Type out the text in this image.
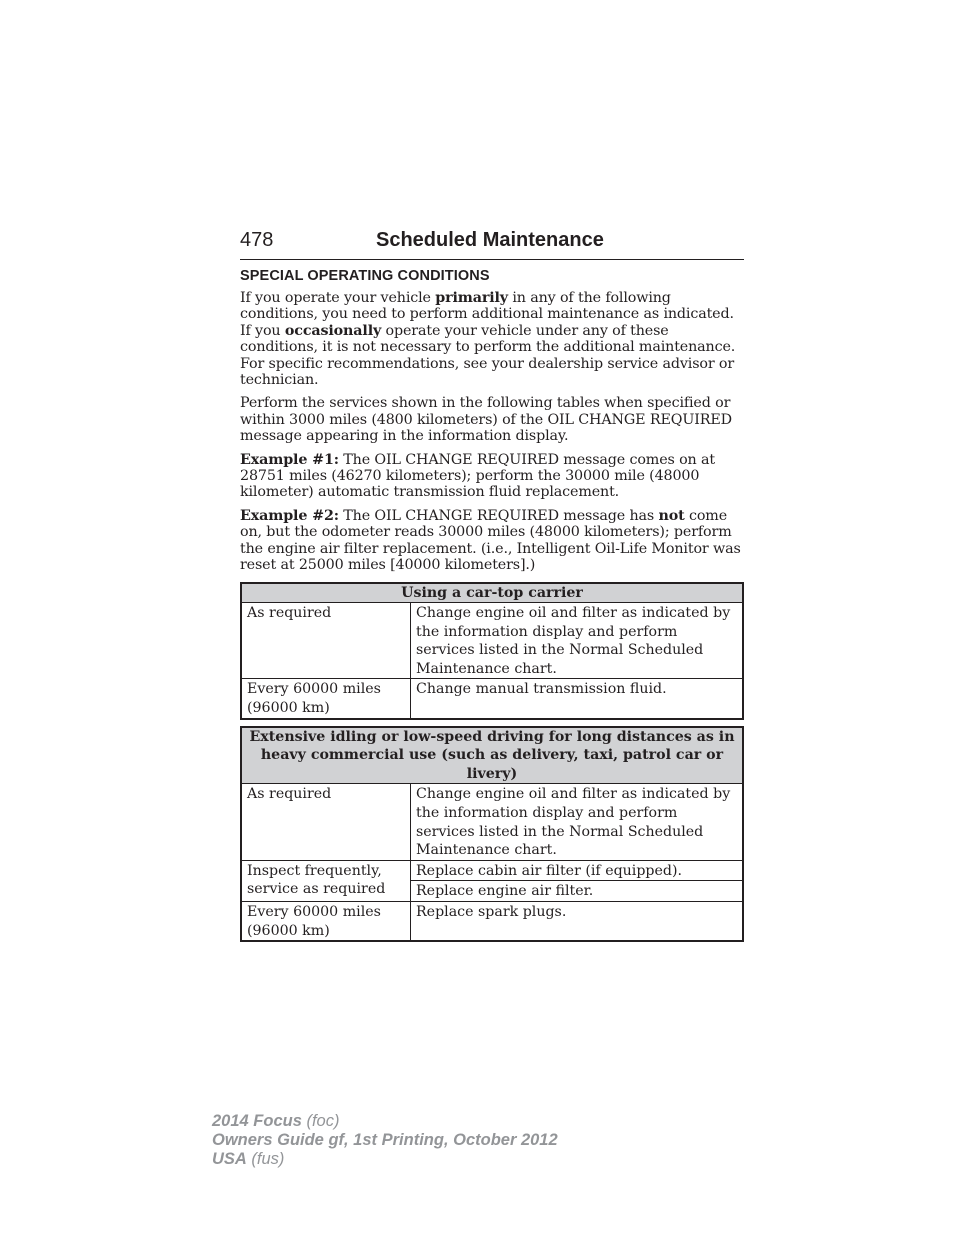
478	Scheduled Maintenance
SPECIAL OPERATING CONDITIONS

If you operate your vehicle primarily in any of the following conditions, you need to perform additional maintenance as indicated. If you occasionally operate your vehicle under any of these conditions, it is not necessary to perform the additional maintenance. For specific recommendations, see your dealership service advisor or technician.

Perform the services shown in the following tables when specified or within 3000 miles (4800 kilometers) of the OIL CHANGE REQUIRED message appearing in the information display.

Example #1: The OIL CHANGE REQUIRED message comes on at 28751 miles (46270 kilometers); perform the 30000 mile (48000 kilometer) automatic transmission fluid replacement.

Example #2: The OIL CHANGE REQUIRED message has not come on, but the odometer reads 30000 miles (48000 kilometers); perform the engine air filter replacement. (i.e., Intelligent Oil-Life Monitor was reset at 25000 miles [40000 kilometers].)

Using a car-top carrier	
As required	Change engine oil and filter as indicated by the information display and perform services listed in the Normal Scheduled Maintenance chart.
Every 60000 miles (96000 km)	Change manual transmission fluid.
Extensive idling or low-speed driving for long distances as in heavy commercial use (such as delivery, taxi, patrol car or livery)	
As required	Change engine oil and filter as indicated by the information display and perform services listed in the Normal Scheduled Maintenance chart.
Inspect frequently, service as required	Replace cabin air filter (if equipped).
	Replace engine air filter.
Every 60000 miles (96000 km)	Replace spark plugs.
2014 Focus (foc)
Owners Guide gf, 1st Printing, October 2012
USA (fus)
